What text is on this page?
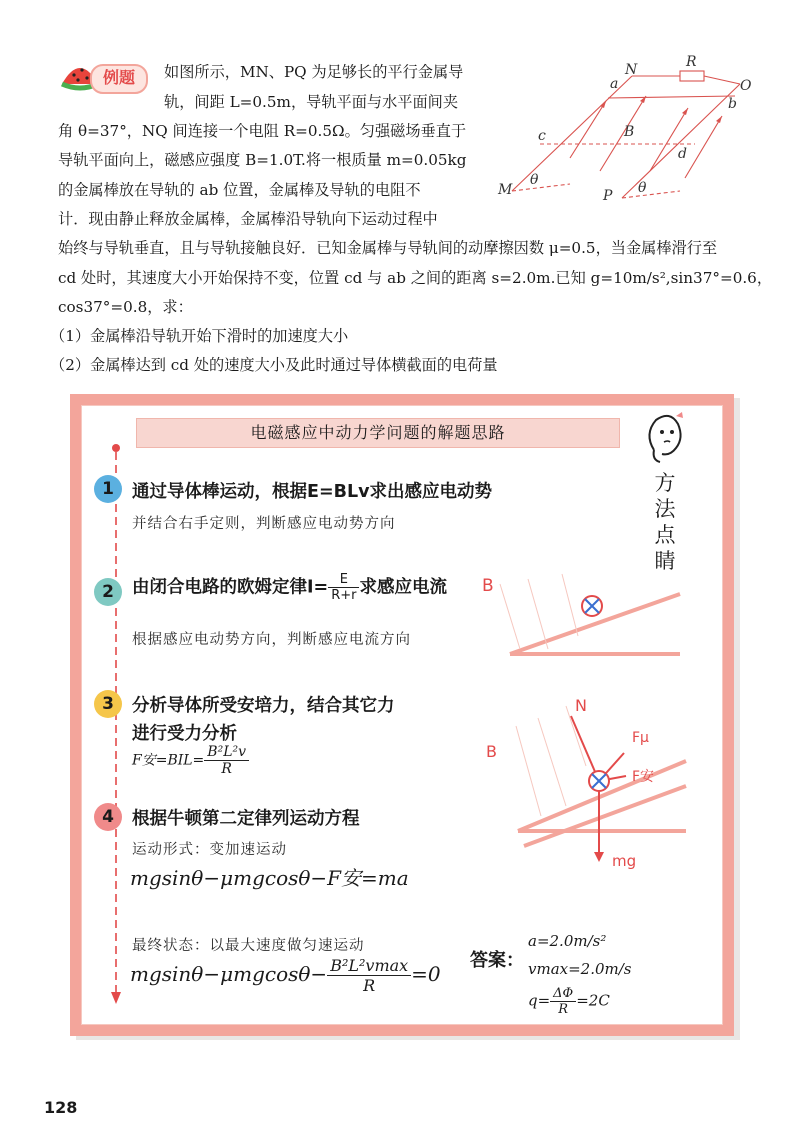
例题	如图所示，MN、PQ 为足够长的平行金属导
轨，间距 L=0.5m，导轨平面与水平面间夹
角 θ=37°，NQ 间连接一个电阻 R=0.5Ω。匀强磁场垂直于
导轨平面向上，磁感应强度 B=1.0T.将一根质量 m=0.05kg
的金属棒放在导轨的 ab 位置，金属棒及导轨的电阻不
计．现由静止释放金属棒，金属棒沿导轨向下运动过程中
始终与导轨垂直，且与导轨接触良好．已知金属棒与导轨间的动摩擦因数 μ=0.5，当金属棒滑行至
cd 处时，其速度大小开始保持不变，位置 cd 与 ab 之间的距离 s=2.0m.已知 g=10m/s²,sin37°=0.6，
cos37°=0.8，求：
（1）金属棒沿导轨开始下滑时的加速度大小
（2）金属棒达到 cd 处的速度大小及此时通过导体横截面的电荷量
a
N	R
O
b
c	B
d
M	P
θ	θ
电磁感应中动力学问题的解题思路
方
法
点
睛
1	通过导体棒运动，根据E=BLv求出感应电动势
并结合右手定则，判断感应电动势方向
2	由闭合电路的欧姆定律$I= \frac{E}{R+r}$ 求感应电流
根据感应电动势方向，判断感应电流方向
B
3	分析导体所受安培力，结合其它力
进行受力分析
F安$=BIL= \frac{\text{B²L²v}}{R}$
N
B
Fμ
F安
mg
4	根据牛顿第二定律列运动方程
运动形式：变加速运动
mgsinθ−μmgcosθ−F安=ma
最终状态：以最大速度做匀速运动
$mgsin\theta-\mu mgcos\theta- \frac{\text{B²L²vmax}}{R} =0$
答案：
a=2.0m/s²
vmax=2.0m/s
$q= \frac{\Delta\Phi}{R} =2C$
128
